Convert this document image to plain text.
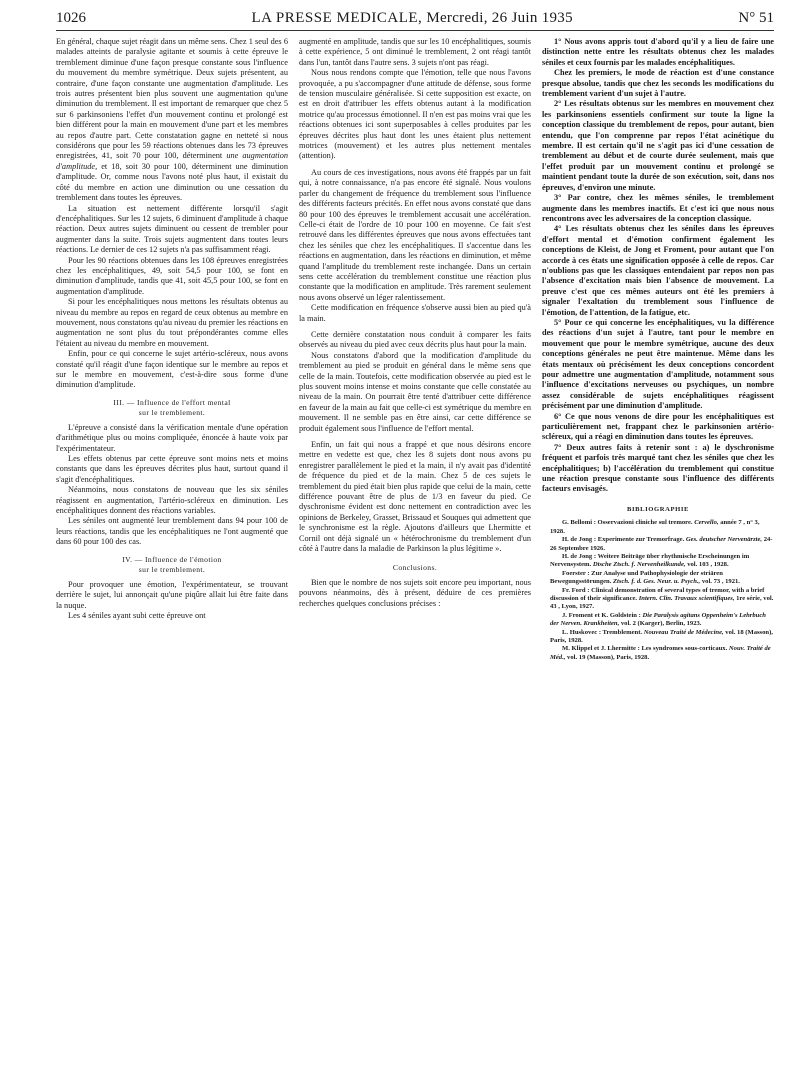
1026	LA PRESSE MEDICALE, Mercredi, 26 Juin 1935	N° 51

En général, chaque sujet réagit dans un même sens. Chez 1 seul des 6 malades atteints de paralysie agitante et soumis à cette épreuve le tremblement diminue d'une façon presque constante sous l'influence du mouvement du membre symétrique. Deux sujets présentent, au contraire, d'une façon constante une augmentation d'amplitude. Les trois autres présentent bien plus souvent une augmentation qu'une diminution du tremblement. Il est important de remarquer que chez 5 sur 6 parkinsoniens l'effet d'un mouvement continu et prolongé est bien différent pour la main en mouvement d'une part et les membres au repos d'autre part. Cette constatation gagne en netteté si nous considérons que pour les 59 réactions obtenues dans les 73 épreuves enregistrées, 41, soit 70 pour 100, déterminent une augmentation d'amplitude, et 18, soit 30 pour 100, déterminent une diminution d'amplitude. Or, comme nous l'avons noté plus haut, il existait du côté du membre en action une diminution ou une cessation du tremblement dans toutes les épreuves.

La situation est nettement différente lorsqu'il s'agit d'encéphalitiques. Sur les 12 sujets, 6 diminuent d'amplitude à chaque réaction. Deux autres sujets diminuent ou cessent de trembler pour augmenter dans la suite. Trois sujets augmentent dans toutes leurs réactions. Le dernier de ces 12 sujets n'a pas suffisamment réagi.

Pour les 90 réactions obtenues dans les 108 épreuves enregistrées chez les encéphalitiques, 49, soit 54,5 pour 100, se font en diminution d'amplitude, tandis que 41, soit 45,5 pour 100, se font en augmentation d'amplitude.

Si pour les encéphalitiques nous mettons les résultats obtenus au niveau du membre au repos en regard de ceux obtenus au membre en mouvement, nous constatons qu'au niveau du premier les réactions en augmentation ne sont plus du tout prépondérantes comme elles l'étaient au niveau du membre en mouvement.

Enfin, pour ce qui concerne le sujet artério-scléreux, nous avons constaté qu'il réagit d'une façon identique sur le membre au repos et sur le membre en mouvement, c'est-à-dire sous forme d'une diminution d'amplitude.

III. — Influence de l'effort mental
sur le tremblement.

L'épreuve a consisté dans la vérification mentale d'une opération d'arithmétique plus ou moins compliquée, énoncée à haute voix par l'expérimentateur.

Les effets obtenus par cette épreuve sont moins nets et moins constants que dans les épreuves décrites plus haut, surtout quand il s'agit d'encéphalitiques.

Néanmoins, nous constatons de nouveau que les six séniles réagissent en augmentation, l'artério-scléreux en diminution. Les encéphalitiques donnent des réactions variables.

Les séniles ont augmenté leur tremblement dans 94 pour 100 de leurs réactions, tandis que les encéphalitiques ne l'ont augmenté que dans 60 pour 100 des cas.

IV. — Influence de l'émotion
sur le tremblement.

Pour provoquer une émotion, l'expérimentateur, se trouvant derrière le sujet, lui annonçait qu'une piqûre allait lui être faite dans la nuque.

Les 4 séniles ayant subi cette épreuve ont

augmenté en amplitude, tandis que sur les 10 encéphalitiques, soumis à cette expérience, 5 ont diminué le tremblement, 2 ont réagi tantôt dans l'un, tantôt dans l'autre sens. 3 sujets n'ont pas réagi.

Nous nous rendons compte que l'émotion, telle que nous l'avons provoquée, a pu s'accompagner d'une attitude de défense, sous forme de tension musculaire généralisée. Si cette supposition est exacte, on est en droit d'attribuer les effets obtenus autant à la modification motrice qu'au processus émotionnel. Il n'en est pas moins vrai que les réactions obtenues ici sont superposables à celles produites par les épreuves décrites plus haut dont les unes étaient plus nettement motrices (mouvement) et les autres plus nettement mentales (attention).

Au cours de ces investigations, nous avons été frappés par un fait qui, à notre connaissance, n'a pas encore été signalé. Nous voulons parler du changement de fréquence du tremblement sous l'influence des différents facteurs précités. En effet nous avons constaté que dans 80 pour 100 des épreuves le tremblement accusait une accélération. Celle-ci était de l'ordre de 10 pour 100 en moyenne. Ce fait s'est retrouvé dans les différentes épreuves que nous avons effectuées tant chez les séniles que chez les encéphalitiques. Il s'accentue dans les réactions en augmentation, dans les réactions en diminution, et même quand l'amplitude du tremblement reste inchangée. Dans un certain sens cette accélération du tremblement constitue une réaction plus constante que la modification en amplitude. Très rarement seulement nous avons observé un léger ralentissement.

Cette modification en fréquence s'observe aussi bien au pied qu'à la main.

Cette dernière constatation nous conduit à comparer les faits observés au niveau du pied avec ceux décrits plus haut pour la main.

Nous constatons d'abord que la modification d'amplitude du tremblement au pied se produit en général dans le même sens que celle de la main. Toutefois, cette modification observée au pied est le plus souvent moins intense et moins constante que celle constatée au niveau de la main. On pourrait être tenté d'attribuer cette différence en faveur de la main au fait que celle-ci est symétrique du membre en mouvement. Il ne semble pas en être ainsi, car cette différence se produit également sous l'influence de l'effort mental.

Enfin, un fait qui nous a frappé et que nous désirons encore mettre en vedette est que, chez les 8 sujets dont nous avons pu enregistrer parallèlement le pied et la main, il n'y avait pas d'identité de fréquence du pied et de la main. Chez 5 de ces sujets le tremblement du pied était bien plus rapide que celui de la main, cette différence pouvant être de plus de 1/3 en faveur du pied. Ce dyschronisme évident est donc nettement en contradiction avec les opinions de Berkeley, Grasset, Brissaud et Souques qui admettent que le synchronisme est la règle. Ajoutons d'ailleurs que Lhermitte et Cornil ont déjà signalé un « hétérochronisme du tremblement d'un côté à l'autre dans la maladie de Parkinson la plus légitime ».

Conclusions.

Bien que le nombre de nos sujets soit encore peu important, nous pouvons néanmoins, dès à présent, déduire de ces premières recherches quelques conclusions précises :

1° Nous avons appris tout d'abord qu'il y a lieu de faire une distinction nette entre les résultats obtenus chez les malades séniles et ceux fournis par les malades encéphalitiques.

Chez les premiers, le mode de réaction est d'une constance presque absolue, tandis que chez les seconds les modifications du tremblement varient d'un sujet à l'autre.

2° Les résultats obtenus sur les membres en mouvement chez les parkinsoniens essentiels confirment sur toute la ligne la conception classique du tremblement de repos, pour autant, bien entendu, que l'on comprenne par repos l'état acinétique du membre. Il est certain qu'il ne s'agit pas ici d'une cessation de tremblement au début et de courte durée seulement, mais que l'effet produit par un mouvement continu et prolongé se maintient pendant toute la durée de son exécution, soit, dans nos épreuves, d'environ une minute.

3° Par contre, chez les mêmes séniles, le tremblement augmente dans les membres inactifs. Et c'est ici que nous nous rencontrons avec les adversaires de la conception classique.

4° Les résultats obtenus chez les séniles dans les épreuves d'effort mental et d'émotion confirment également les conceptions de Kleist, de Jong et Froment, pour autant que l'on accorde à ces états une signification opposée à celle de repos. Car n'oublions pas que les classiques entendaient par repos non pas l'absence d'excitation mais bien l'absence de mouvement. La preuve c'est que ces mêmes auteurs ont été les premiers à signaler l'exaltation du tremblement sous l'influence de l'émotion, de l'attention, de la fatigue, etc.

5° Pour ce qui concerne les encéphalitiques, vu la différence des réactions d'un sujet à l'autre, tant pour le membre en mouvement que pour le membre symétrique, aucune des deux conceptions générales ne peut être maintenue. Même dans les états mentaux où précisément les deux conceptions concordent pour admettre une augmentation d'amplitude, notamment sous l'influence d'excitations nerveuses ou psychiques, un nombre assez considérable de sujets encéphalitiques réagissent précisément par une diminution d'amplitude.

6° Ce que nous venons de dire pour les encéphalitiques est particulièrement net, frappant chez le parkinsonien artério-scléreux, qui a réagi en diminution dans toutes les épreuves.

7° Deux autres faits à retenir sont : a) le dyschronisme fréquent et parfois très marqué tant chez les séniles que chez les encéphalitiques; b) l'accélération du tremblement qui constitue une réaction presque constante sous l'influence des différents facteurs envisagés.

BIBLIOGRAPHIE

G. Bellomi : Osservazioni cliniche sul tremore. Cervello, année 7 , n° 3, 1928.

H. de Jong : Experimente zur Tremorfrage. Ges. deutscher Nervenärzte, 24-26 Septembre 1926.

H. de Jong : Weitere Beiträge über rhythmische Erscheinungen im Nervensystem. Dtsche Ztsch. f. Nervenheilkunde, vol. 103 , 1928.

Foerster : Zur Analyse und Pathophysiologie der striären Bewegungsstörungen. Ztsch. f. d. Ges. Neur. u. Psych., vol. 73 , 1921.

Fr. Ford : Clinical demonstration of several types of tremor, with a brief discussion of their significance. Intern. Clin. Travaux scientifiques, 1re série, vol. 43 , Lyon, 1927.

J. Froment et K. Goldstein : Die Paralysis agitans Oppenheim's Lehrbuch der Nerven. Krankheiten, vol. 2 (Karger), Berlin, 1923.

L. Huskovec : Tremblement. Nouveau Traité de Médecine, vol. 18 (Masson), Paris, 1928.

M. Klippel et J. Lhermitte : Les syndromes sous-corticaux. Nouv. Traité de Méd., vol. 19 (Masson), Paris, 1928.
